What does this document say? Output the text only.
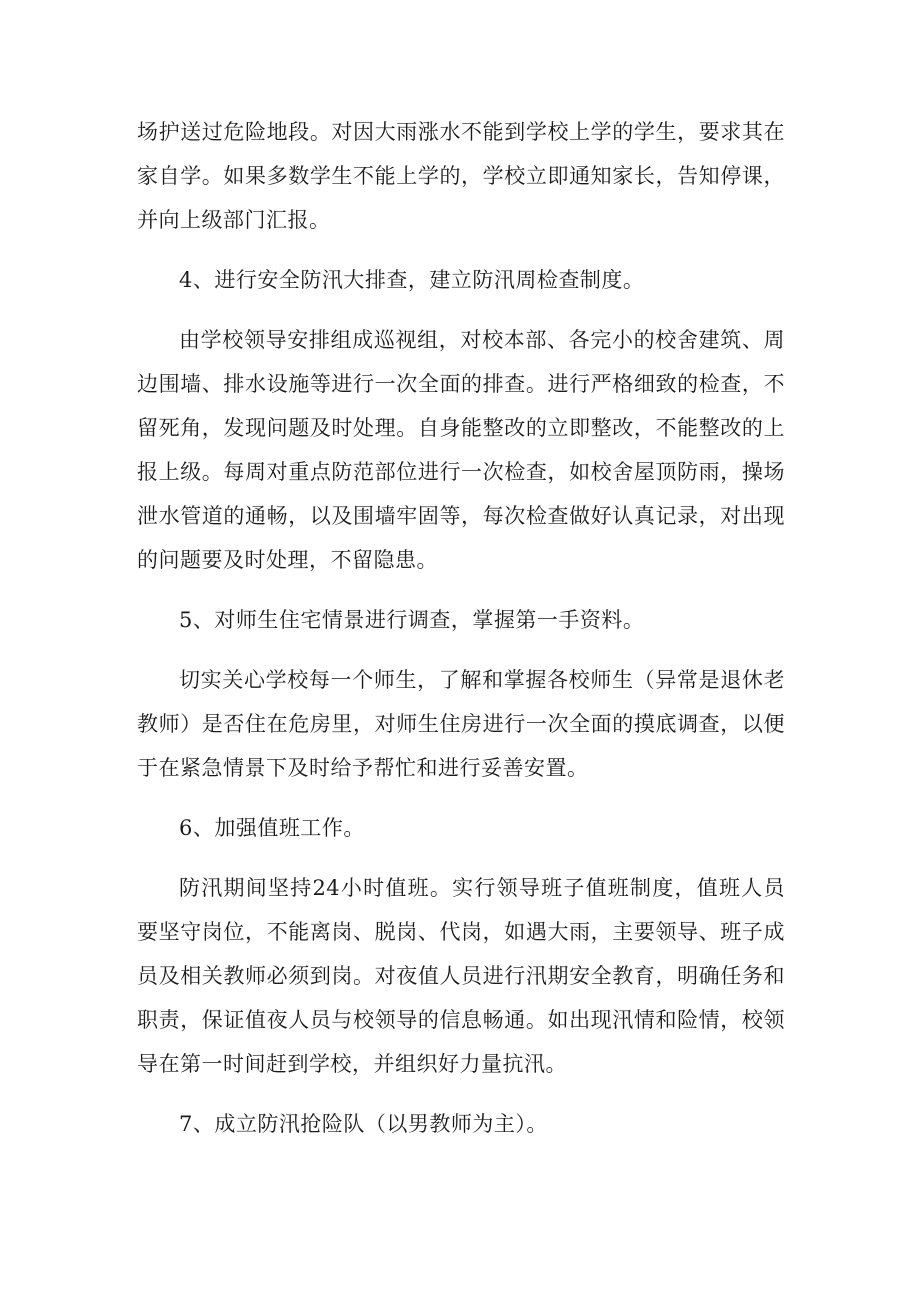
场护送过危险地段。对因大雨涨水不能到学校上学的学生，要求其在家自学。如果多数学生不能上学的，学校立即通知家长，告知停课，并向上级部门汇报。

4、进行安全防汛大排查，建立防汛周检查制度。

由学校领导安排组成巡视组，对校本部、各完小的校舍建筑、周边围墙、排水设施等进行一次全面的排查。进行严格细致的检查，不留死角，发现问题及时处理。自身能整改的立即整改，不能整改的上报上级。每周对重点防范部位进行一次检查，如校舍屋顶防雨，操场泄水管道的通畅，以及围墙牢固等，每次检查做好认真记录，对出现的问题要及时处理，不留隐患。

5、对师生住宅情景进行调查，掌握第一手资料。

切实关心学校每一个师生，了解和掌握各校师生（异常是退休老教师）是否住在危房里，对师生住房进行一次全面的摸底调查，以便于在紧急情景下及时给予帮忙和进行妥善安置。

6、加强值班工作。

防汛期间坚持24小时值班。实行领导班子值班制度，值班人员要坚守岗位，不能离岗、脱岗、代岗，如遇大雨，主要领导、班子成员及相关教师必须到岗。对夜值人员进行汛期安全教育，明确任务和职责，保证值夜人员与校领导的信息畅通。如出现汛情和险情，校领导在第一时间赶到学校，并组织好力量抗汛。

7、成立防汛抢险队（以男教师为主）。
